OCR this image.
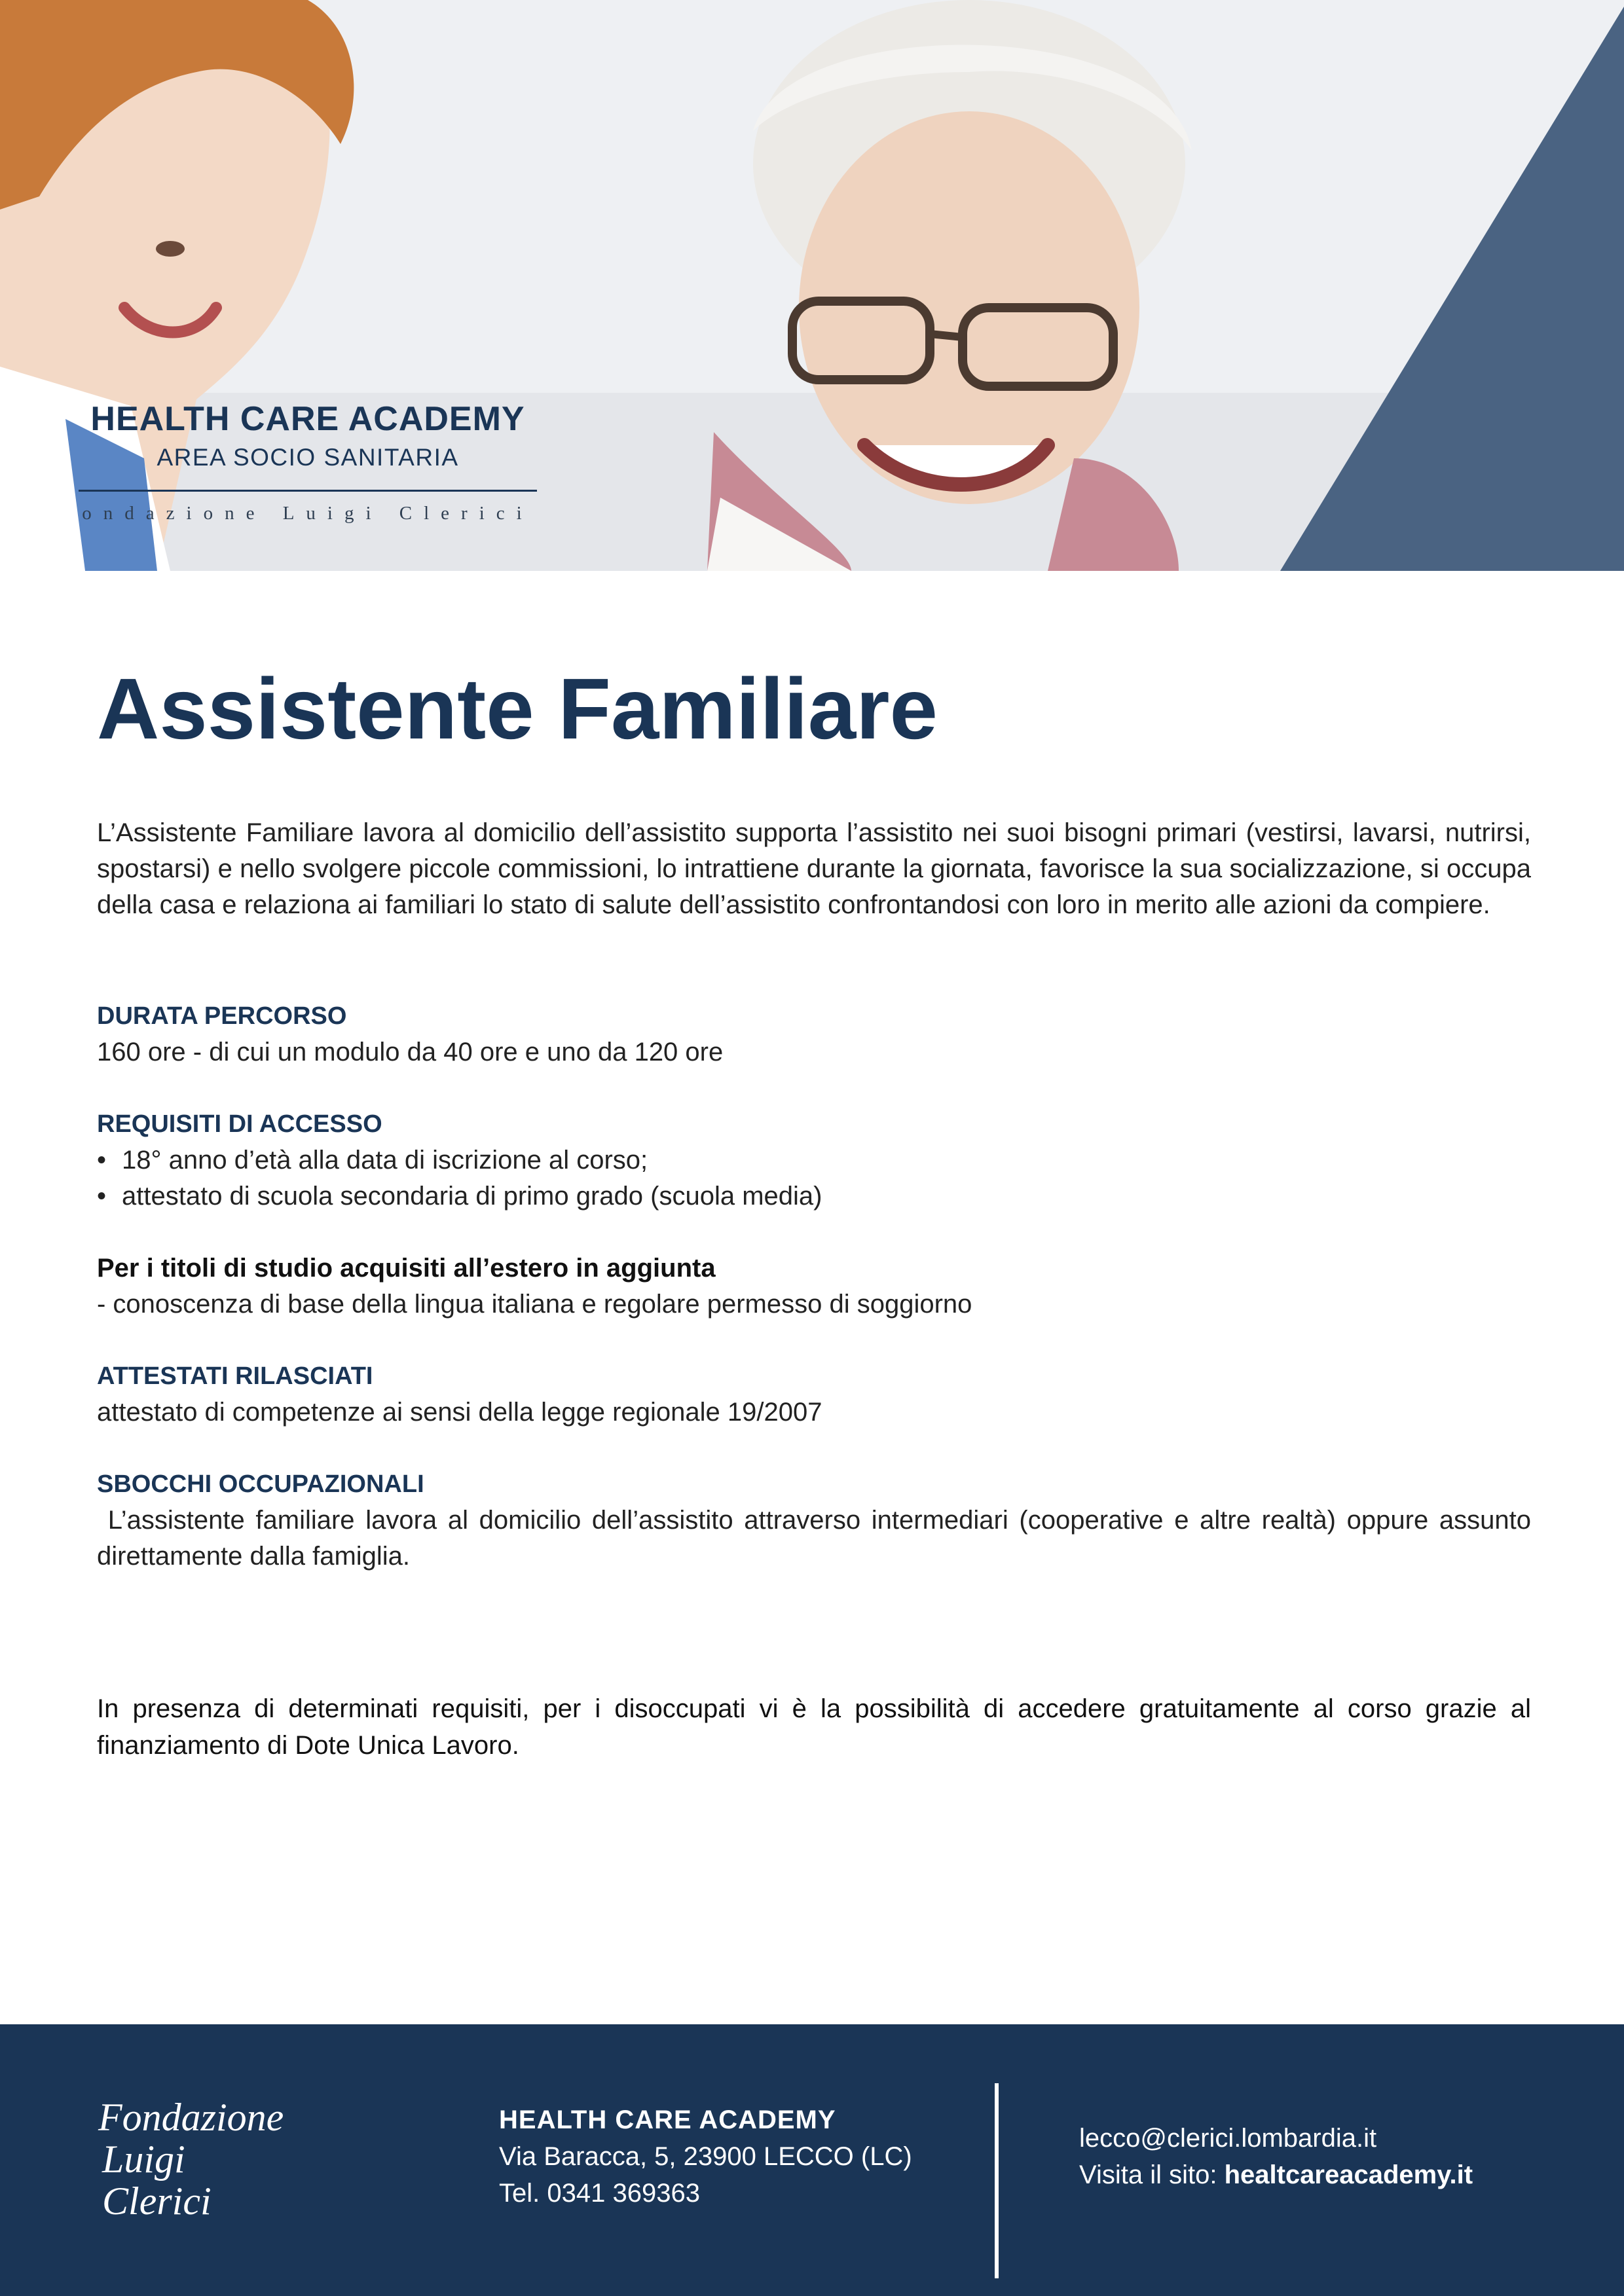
HEALTH CARE ACADEMY
AREA SOCIO SANITARIA
ondazione Luigi Clerici
Assistente Familiare

L’Assistente Familiare lavora al domicilio dell’assistito supporta l’assistito nei suoi bisogni primari (vestirsi, lavarsi, nutrirsi, spostarsi) e nello svolgere piccole commissioni, lo intrattiene durante la giornata, favorisce la sua socializzazione, si occupa della casa e relaziona ai familiari lo stato di salute dell’assistito confrontandosi con loro in merito alle azioni da compiere.

DURATA PERCORSO
160 ore - di cui un modulo da 40 ore e uno da 120 ore
REQUISITI DI ACCESSO
• 18° anno d’età alla data di iscrizione al corso;
• attestato di scuola secondaria di primo grado (scuola media)
Per i titoli di studio acquisiti all’estero in aggiunta
- conoscenza di base della lingua italiana e regolare permesso di soggiorno
ATTESTATI RILASCIATI
attestato di competenze ai sensi della legge regionale 19/2007
SBOCCHI OCCUPAZIONALI
L’assistente familiare lavora al domicilio dell’assistito attraverso intermediari (cooperative e altre realtà) oppure assunto direttamente dalla famiglia.
In presenza di determinati requisiti, per i disoccupati vi è la possibilità di accedere gratuitamente al corso grazie al finanziamento di Dote Unica Lavoro.
Fondazione
Luigi
Clerici
HEALTH CARE ACADEMY
Via Baracca, 5, 23900 LECCO (LC)
Tel. 0341 369363
lecco@clerici.lombardia.it
Visita il sito: healtcareacademy.it
